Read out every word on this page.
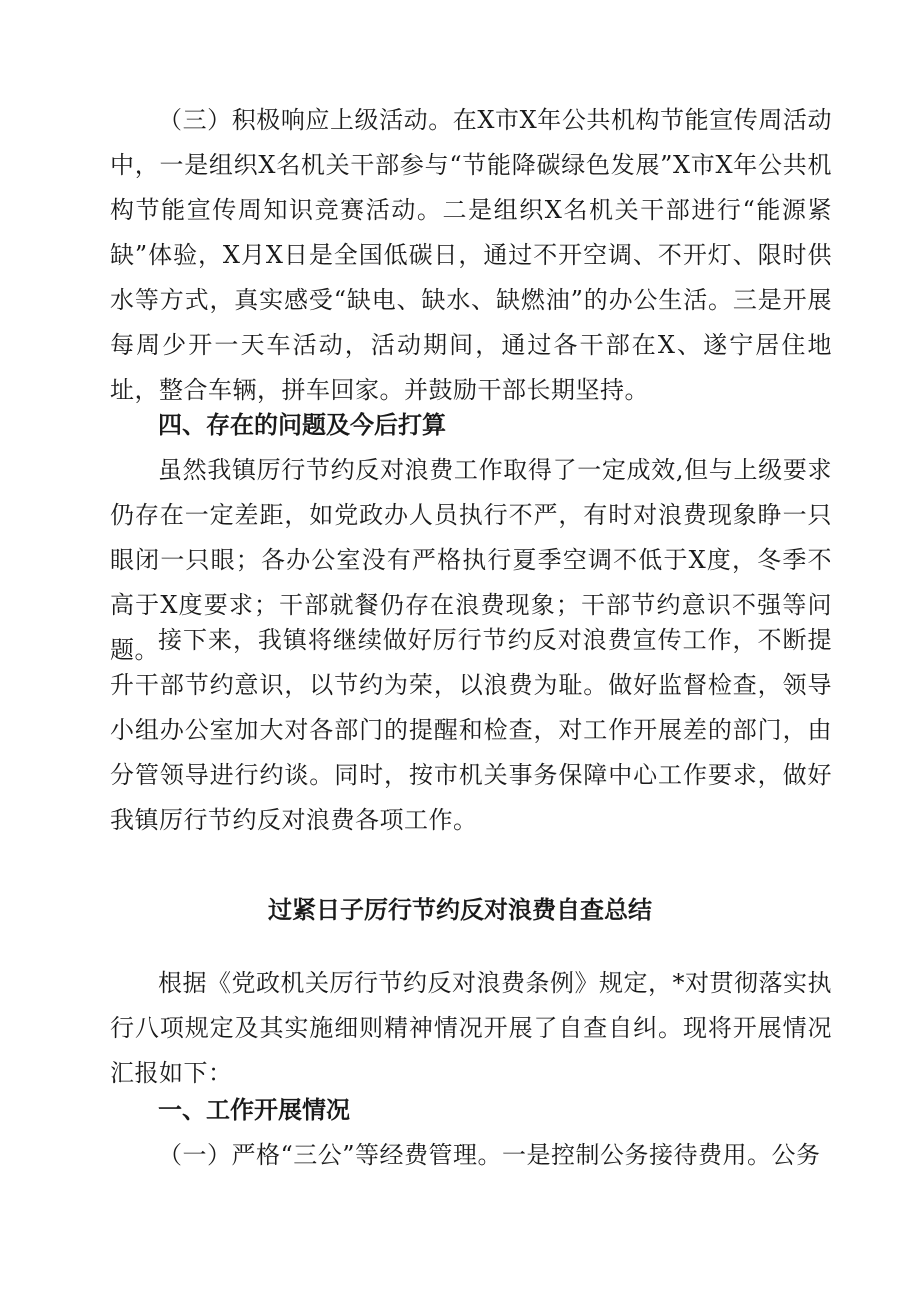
（三）积极响应上级活动。在X市X年公共机构节能宣传周活动中，一是组织X名机关干部参与“节能降碳绿色发展”X市X年公共机构节能宣传周知识竞赛活动。二是组织X名机关干部进行“能源紧缺”体验，X月X日是全国低碳日，通过不开空调、不开灯、限时供水等方式，真实感受“缺电、缺水、缺燃油”的办公生活。三是开展每周少开一天车活动，活动期间，通过各干部在X、遂宁居住地址，整合车辆，拼车回家。并鼓励干部长期坚持。

四、存在的问题及今后打算

虽然我镇厉行节约反对浪费工作取得了一定成效,但与上级要求仍存在一定差距，如党政办人员执行不严，有时对浪费现象睁一只眼闭一只眼；各办公室没有严格执行夏季空调不低于X度，冬季不高于X度要求；干部就餐仍存在浪费现象；干部节约意识不强等问题。 接下来，我镇将继续做好厉行节约反对浪费宣传工作，不断提升干部节约意识，以节约为荣，以浪费为耻。做好监督检查，领导小组办公室加大对各部门的提醒和检查，对工作开展差的部门，由分管领导进行约谈。同时，按市机关事务保障中心工作要求，做好我镇厉行节约反对浪费各项工作。

过紧日子厉行节约反对浪费自查总结

根据《党政机关厉行节约反对浪费条例》规定，*对贯彻落实执行八项规定及其实施细则精神情况开展了自查自纠。现将开展情况汇报如下：

一、工作开展情况

（一）严格“三公”等经费管理。一是控制公务接待费用。公务
